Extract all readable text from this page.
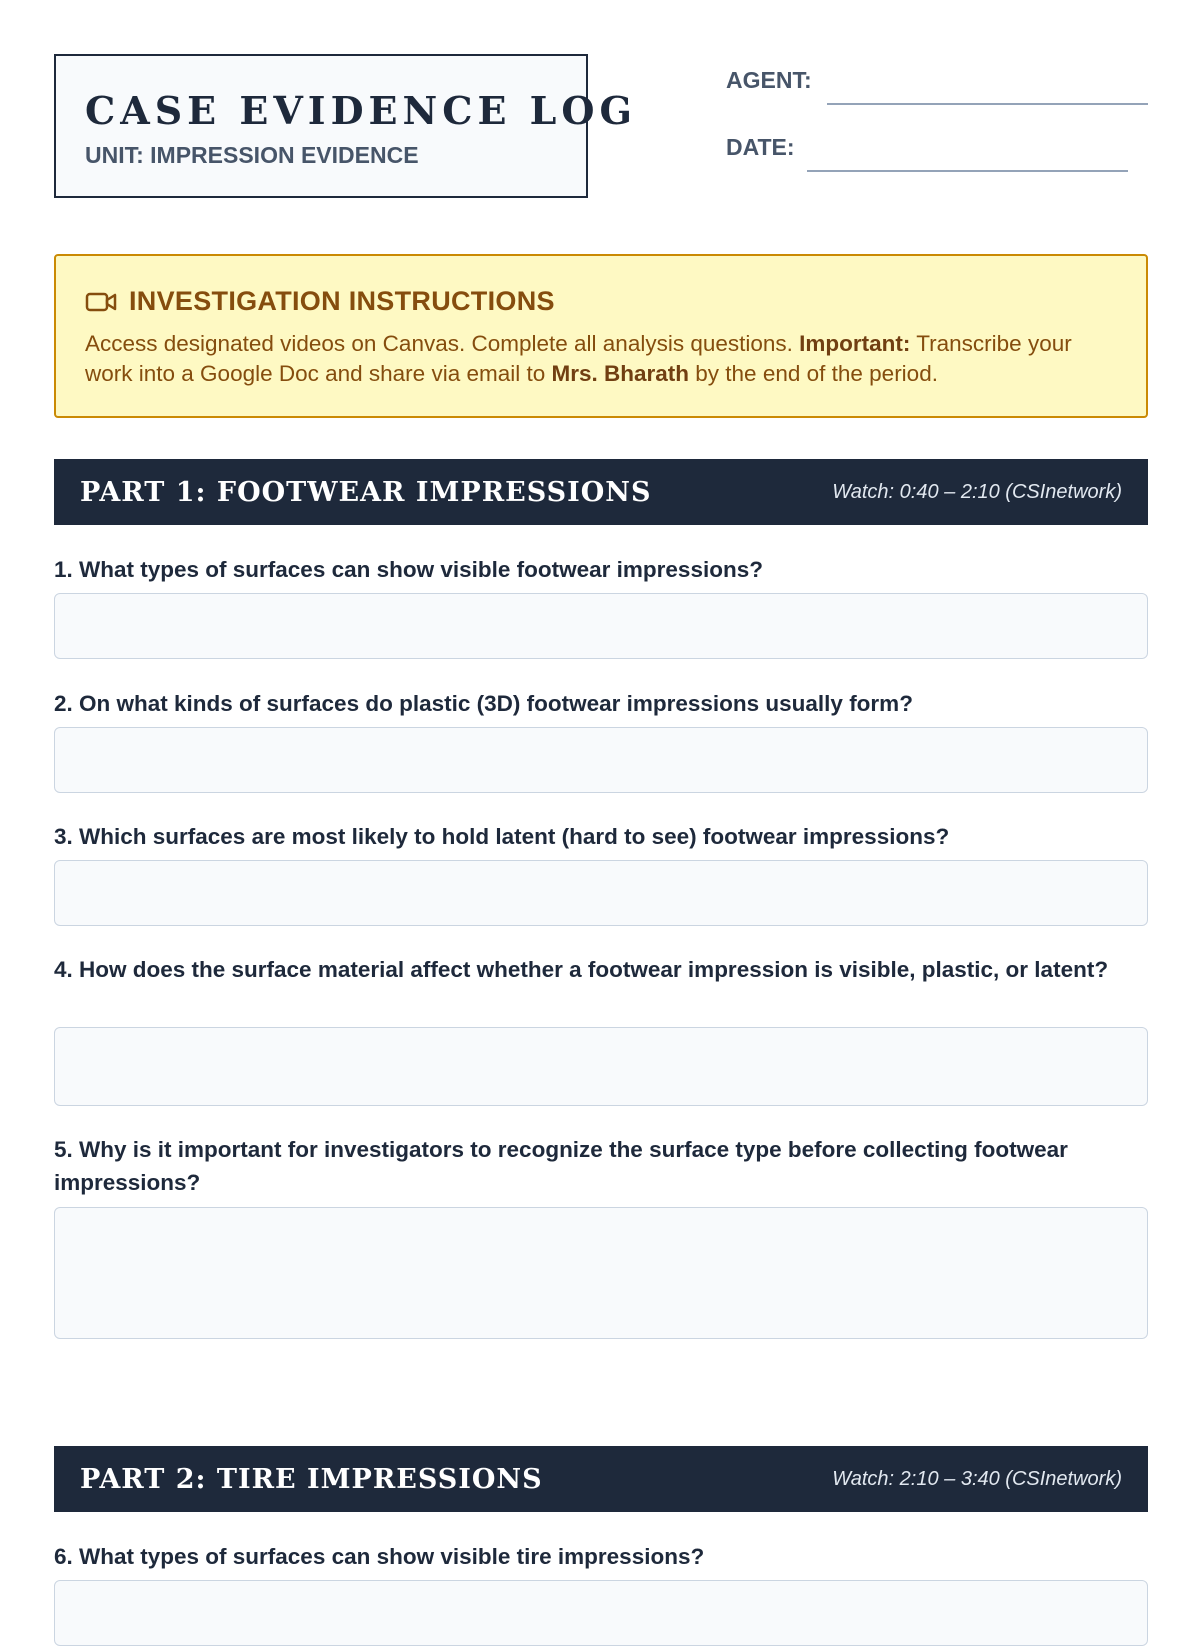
CASE EVIDENCE LOG
UNIT: IMPRESSION EVIDENCE
AGENT:
DATE:
INVESTIGATION INSTRUCTIONS
Access designated videos on Canvas. Complete all analysis questions. Important: Transcribe your work into a Google Doc and share via email to Mrs. Bharath by the end of the period.
PART 1: FOOTWEAR IMPRESSIONS	Watch: 0:40 – 2:10 (CSInetwork)
1. What types of surfaces can show visible footwear impressions?
2. On what kinds of surfaces do plastic (3D) footwear impressions usually form?
3. Which surfaces are most likely to hold latent (hard to see) footwear impressions?
4. How does the surface material affect whether a footwear impression is visible, plastic, or latent?
5. Why is it important for investigators to recognize the surface type before collecting footwear impressions?
PART 2: TIRE IMPRESSIONS	Watch: 2:10 – 3:40 (CSInetwork)
6. What types of surfaces can show visible tire impressions?
